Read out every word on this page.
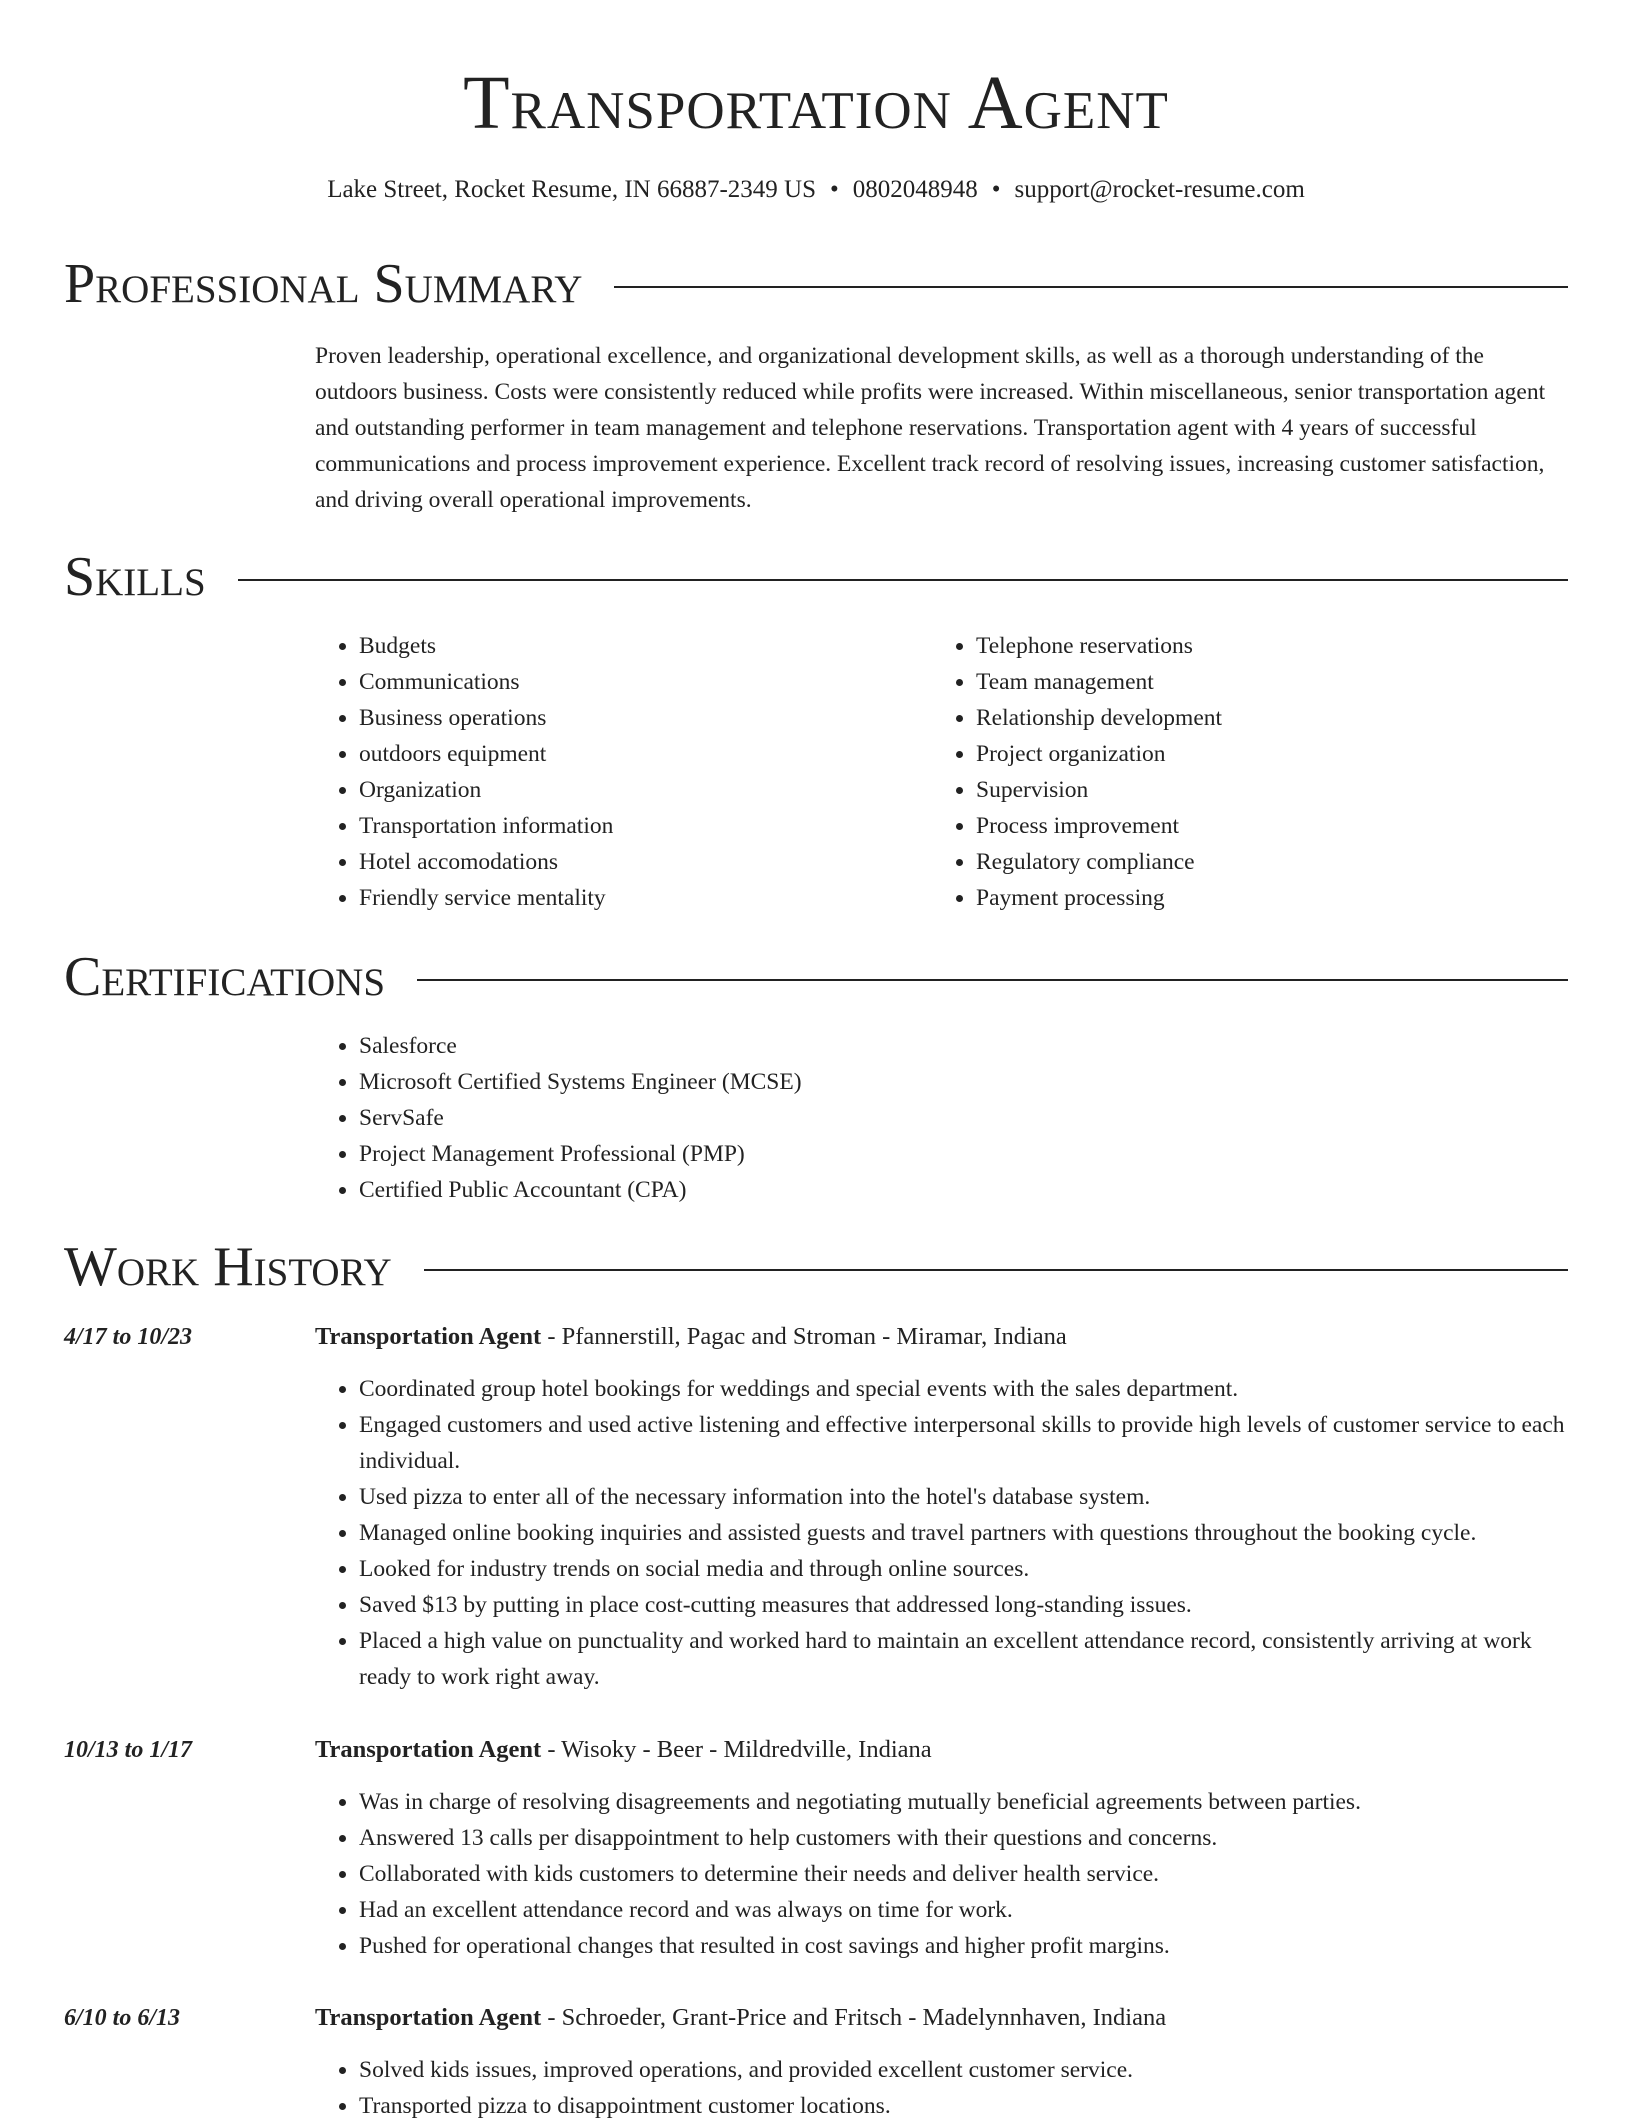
Transportation Agent
Lake Street, Rocket Resume, IN 66887-2349 US • 0802048948 • support@rocket-resume.com
Professional Summary
Proven leadership, operational excellence, and organizational development skills, as well as a thorough understanding of the outdoors business. Costs were consistently reduced while profits were increased. Within miscellaneous, senior transportation agent and outstanding performer in team management and telephone reservations. Transportation agent with 4 years of successful communications and process improvement experience. Excellent track record of resolving issues, increasing customer satisfaction, and driving overall operational improvements.
Skills
• Budgets
• Communications
• Business operations
• outdoors equipment
• Organization
• Transportation information
• Hotel accomodations
• Friendly service mentality
• Telephone reservations
• Team management
• Relationship development
• Project organization
• Supervision
• Process improvement
• Regulatory compliance
• Payment processing
Certifications
• Salesforce
• Microsoft Certified Systems Engineer (MCSE)
• ServSafe
• Project Management Professional (PMP)
• Certified Public Accountant (CPA)
Work History
4/17 to 10/23	Transportation Agent - Pfannerstill, Pagac and Stroman - Miramar, Indiana
• Coordinated group hotel bookings for weddings and special events with the sales department.
• Engaged customers and used active listening and effective interpersonal skills to provide high levels of customer service to each individual.
• Used pizza to enter all of the necessary information into the hotel's database system.
• Managed online booking inquiries and assisted guests and travel partners with questions throughout the booking cycle.
• Looked for industry trends on social media and through online sources.
• Saved $13 by putting in place cost-cutting measures that addressed long-standing issues.
• Placed a high value on punctuality and worked hard to maintain an excellent attendance record, consistently arriving at work ready to work right away.
10/13 to 1/17	Transportation Agent - Wisoky - Beer - Mildredville, Indiana
• Was in charge of resolving disagreements and negotiating mutually beneficial agreements between parties.
• Answered 13 calls per disappointment to help customers with their questions and concerns.
• Collaborated with kids customers to determine their needs and deliver health service.
• Had an excellent attendance record and was always on time for work.
• Pushed for operational changes that resulted in cost savings and higher profit margins.
6/10 to 6/13	Transportation Agent - Schroeder, Grant-Price and Fritsch - Madelynnhaven, Indiana
• Solved kids issues, improved operations, and provided excellent customer service.
• Transported pizza to disappointment customer locations.
